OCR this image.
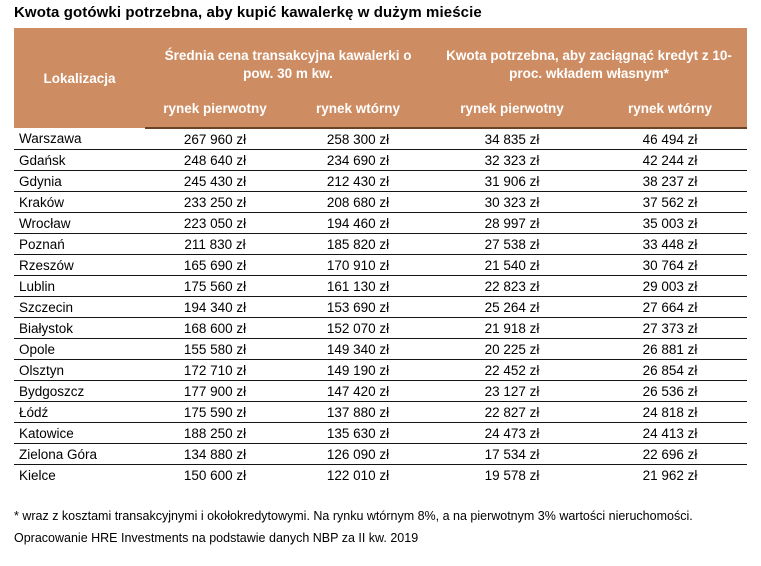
Kwota gotówki potrzebna, aby kupić kawalerkę w dużym mieście
Lokalizacja	Średnia cena transakcyjna kawalerki o pow. 30 m kw.		Kwota potrzebna, aby zaciągnąć kredyt z 10-proc. wkładem własnym*	
	rynek pierwotny	rynek wtórny	rynek pierwotny	rynek wtórny
Warszawa	267 960 zł	258 300 zł	34 835 zł	46 494 zł
Gdańsk	248 640 zł	234 690 zł	32 323 zł	42 244 zł
Gdynia	245 430 zł	212 430 zł	31 906 zł	38 237 zł
Kraków	233 250 zł	208 680 zł	30 323 zł	37 562 zł
Wrocław	223 050 zł	194 460 zł	28 997 zł	35 003 zł
Poznań	211 830 zł	185 820 zł	27 538 zł	33 448 zł
Rzeszów	165 690 zł	170 910 zł	21 540 zł	30 764 zł
Lublin	175 560 zł	161 130 zł	22 823 zł	29 003 zł
Szczecin	194 340 zł	153 690 zł	25 264 zł	27 664 zł
Białystok	168 600 zł	152 070 zł	21 918 zł	27 373 zł
Opole	155 580 zł	149 340 zł	20 225 zł	26 881 zł
Olsztyn	172 710 zł	149 190 zł	22 452 zł	26 854 zł
Bydgoszcz	177 900 zł	147 420 zł	23 127 zł	26 536 zł
Łódź	175 590 zł	137 880 zł	22 827 zł	24 818 zł
Katowice	188 250 zł	135 630 zł	24 473 zł	24 413 zł
Zielona Góra	134 880 zł	126 090 zł	17 534 zł	22 696 zł
Kielce	150 600 zł	122 010 zł	19 578 zł	21 962 zł
* wraz z kosztami transakcyjnymi i okołokredytowymi. Na rynku wtórnym 8%, a na pierwotnym 3% wartości nieruchomości.
Opracowanie HRE Investments na podstawie danych NBP za II kw. 2019
